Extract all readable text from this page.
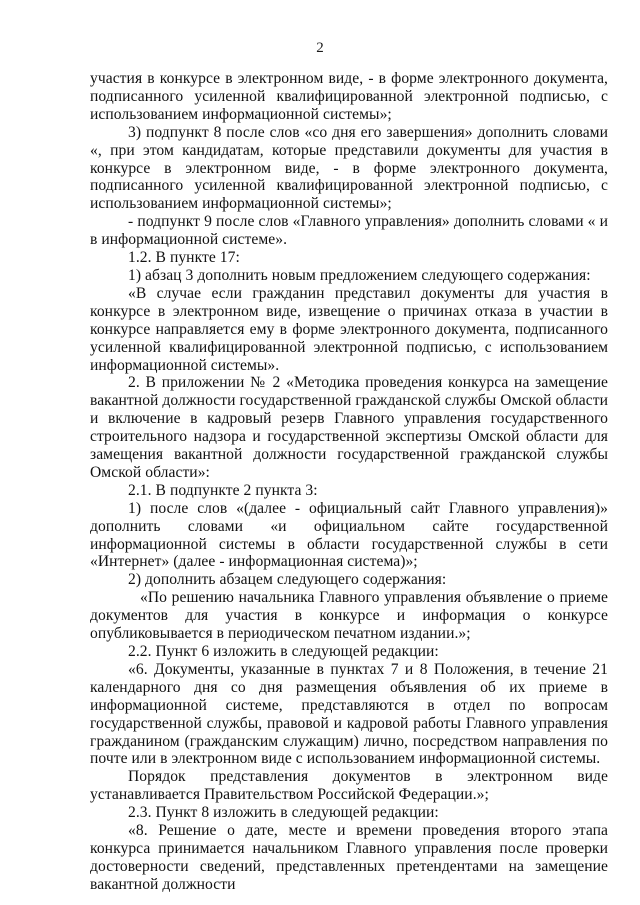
2

участия в конкурсе в электронном виде, - в форме электронного документа, подписанного усиленной квалифицированной электронной подписью, с использованием информационной системы»;

3) подпункт 8 после слов «со дня его завершения» дополнить словами «, при этом кандидатам, которые представили документы для участия в конкурсе в электронном виде, - в форме электронного документа, подписанного усиленной квалифицированной электронной подписью, с использованием информационной системы»;

- подпункт 9 после слов «Главного управления» дополнить словами « и в информационной системе».

1.2. В пункте 17:

1) абзац 3 дополнить новым предложением следующего содержания:

«В случае если гражданин представил документы для участия в конкурсе в электронном виде, извещение о причинах отказа в участии в конкурсе направляется ему в форме электронного документа, подписанного усиленной квалифицированной электронной подписью, с использованием информационной системы».

2. В приложении № 2 «Методика проведения конкурса на замещение вакантной должности государственной гражданской службы Омской области и включение в кадровый резерв Главного управления государственного строительного надзора и государственной экспертизы Омской области для замещения вакантной должности государственной гражданской службы Омской области»:

2.1. В подпункте 2 пункта 3:

1) после слов «(далее - официальный сайт Главного управления)» дополнить словами «и официальном сайте государственной информационной системы в области государственной службы в сети «Интернет» (далее - информационная система)»;

2) дополнить абзацем следующего содержания:

«По решению начальника Главного управления объявление о приеме документов для участия в конкурсе и информация о конкурсе опубликовывается в периодическом печатном издании.»;

2.2. Пункт 6 изложить в следующей редакции:

«6. Документы, указанные в пунктах 7 и 8 Положения, в течение 21 календарного дня со дня размещения объявления об их приеме в информационной системе, представляются в отдел по вопросам государственной службы, правовой и кадровой работы Главного управления гражданином (гражданским служащим) лично, посредством направления по почте или в электронном виде с использованием информационной системы.

Порядок представления документов в электронном виде устанавливается Правительством Российской Федерации.»;

2.3. Пункт 8 изложить в следующей редакции:

«8. Решение о дате, месте и времени проведения второго этапа конкурса принимается начальником Главного управления после проверки достоверности сведений, представленных претендентами на замещение вакантной должности
